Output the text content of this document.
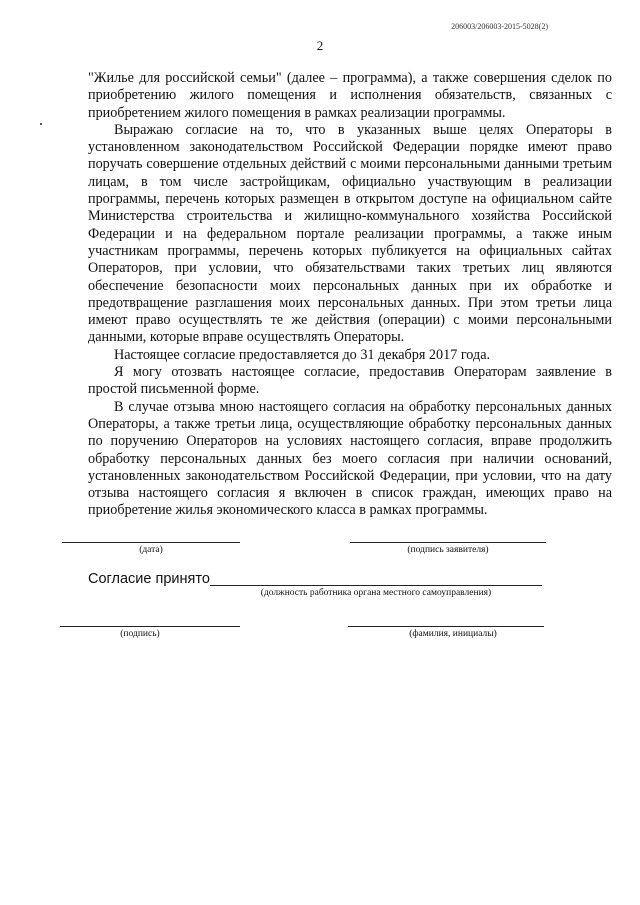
206003/206003-2015-5028(2)
2

"Жилье для российской семьи" (далее – программа), а также совершения сделок по приобретению жилого помещения и исполнения обязательств, связанных с приобретением жилого помещения в рамках реализации программы.

Выражаю согласие на то, что в указанных выше целях Операторы в установленном законодательством Российской Федерации порядке имеют право поручать совершение отдельных действий с моими персональными данными третьим лицам, в том числе застройщикам, официально участвующим в реализации программы, перечень которых размещен в открытом доступе на официальном сайте Министерства строительства и жилищно-коммунального хозяйства Российской Федерации и на федеральном портале реализации программы, а также иным участникам программы, перечень которых публикуется на официальных сайтах Операторов, при условии, что обязательствами таких третьих лиц являются обеспечение безопасности моих персональных данных при их обработке и предотвращение разглашения моих персональных данных. При этом третьи лица имеют право осуществлять те же действия (операции) с моими персональными данными, которые вправе осуществлять Операторы.

Настоящее согласие предоставляется до 31 декабря 2017 года.

Я могу отозвать настоящее согласие, предоставив Операторам заявление в простой письменной форме.

В случае отзыва мною настоящего согласия на обработку персональных данных Операторы, а также третьи лица, осуществляющие обработку персональных данных по поручению Операторов на условиях настоящего согласия, вправе продолжить обработку персональных данных без моего согласия при наличии оснований, установленных законодательством Российской Федерации, при условии, что на дату отзыва настоящего согласия я включен в список граждан, имеющих право на приобретение жилья экономического класса в рамках программы.

(дата)	(подпись заявителя)
Согласие принято
(должность работника органа местного самоуправления)
(подпись)	(фамилия, инициалы)
